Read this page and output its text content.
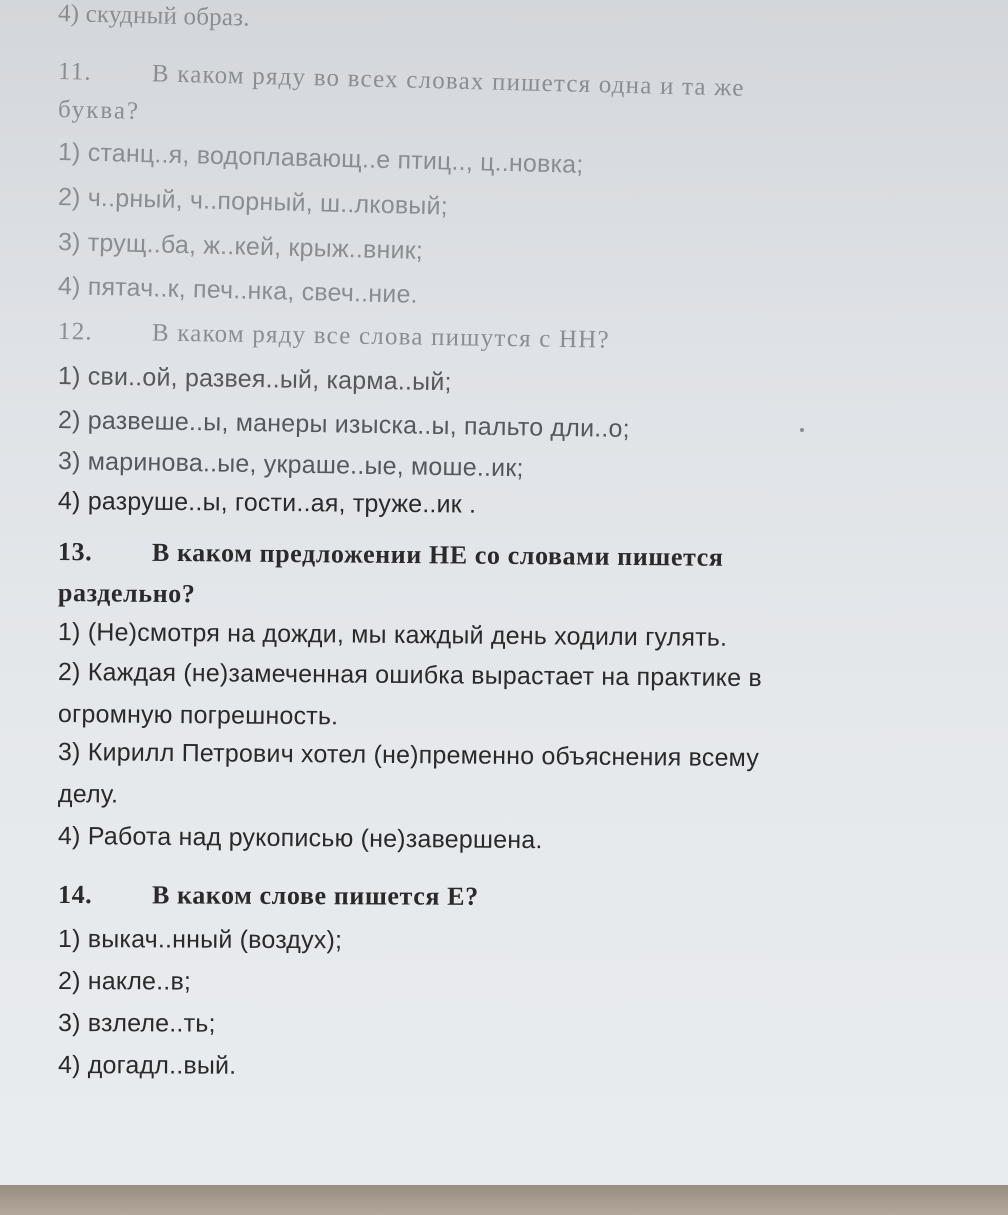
4) скудный образ.
11. В каком ряду во всех словах пишется одна и та же
буква?
1) станц..я, водоплавающ..е птиц.., ц..новка;
2) ч..рный, ч..порный, ш..лковый;
3) трущ..ба, ж..кей, крыж..вник;
4) пятач..к, печ..нка, свеч..ние.
12. В каком ряду все слова пишутся с НН?
1) сви..ой, развея..ый, карма..ый;
2) развеше..ы, манеры изыска..ы, пальто дли..о;
3) маринова..ые, украше..ые, моше..ик;
4) разруше..ы, гости..ая, труже..ик .
13. В каком предложении НЕ со словами пишется
раздельно?
1) (Не)смотря на дожди, мы каждый день ходили гулять.
2) Каждая (не)замеченная ошибка вырастает на практике в
огромную погрешность.
3) Кирилл Петрович хотел (не)пременно объяснения всему
делу.
4) Работа над рукописью (не)завершена.
14. В каком слове пишется Е?
1) выкач..нный (воздух);
2) накле..в;
3) взлеле..ть;
4) догадл..вый.
